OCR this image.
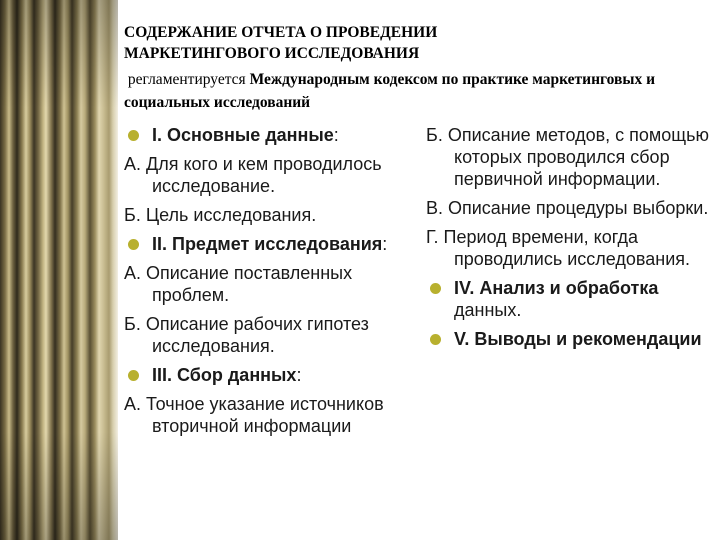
СОДЕРЖАНИЕ ОТЧЕТА О ПРОВЕДЕНИИ
МАРКЕТИНГОВОГО ИССЛЕДОВАНИЯ
регламентируется Международным кодексом по практике маркетинговых и социальных исследований
I. Основные данные:
А. Для кого и кем проводилось исследование.
Б. Цель исследования.
II. Предмет исследования:
А. Описание поставленных проблем.
Б. Описание рабочих гипотез исследования.
III. Сбор данных:
А. Точное указание источников вторичной информации
Б. Описание методов, с помощью которых проводился сбор первичной информации.
В. Описание процедуры выборки.
Г. Период времени, когда проводились исследования.
IV. Анализ и обработка данных.
V. Выводы и рекомендации
